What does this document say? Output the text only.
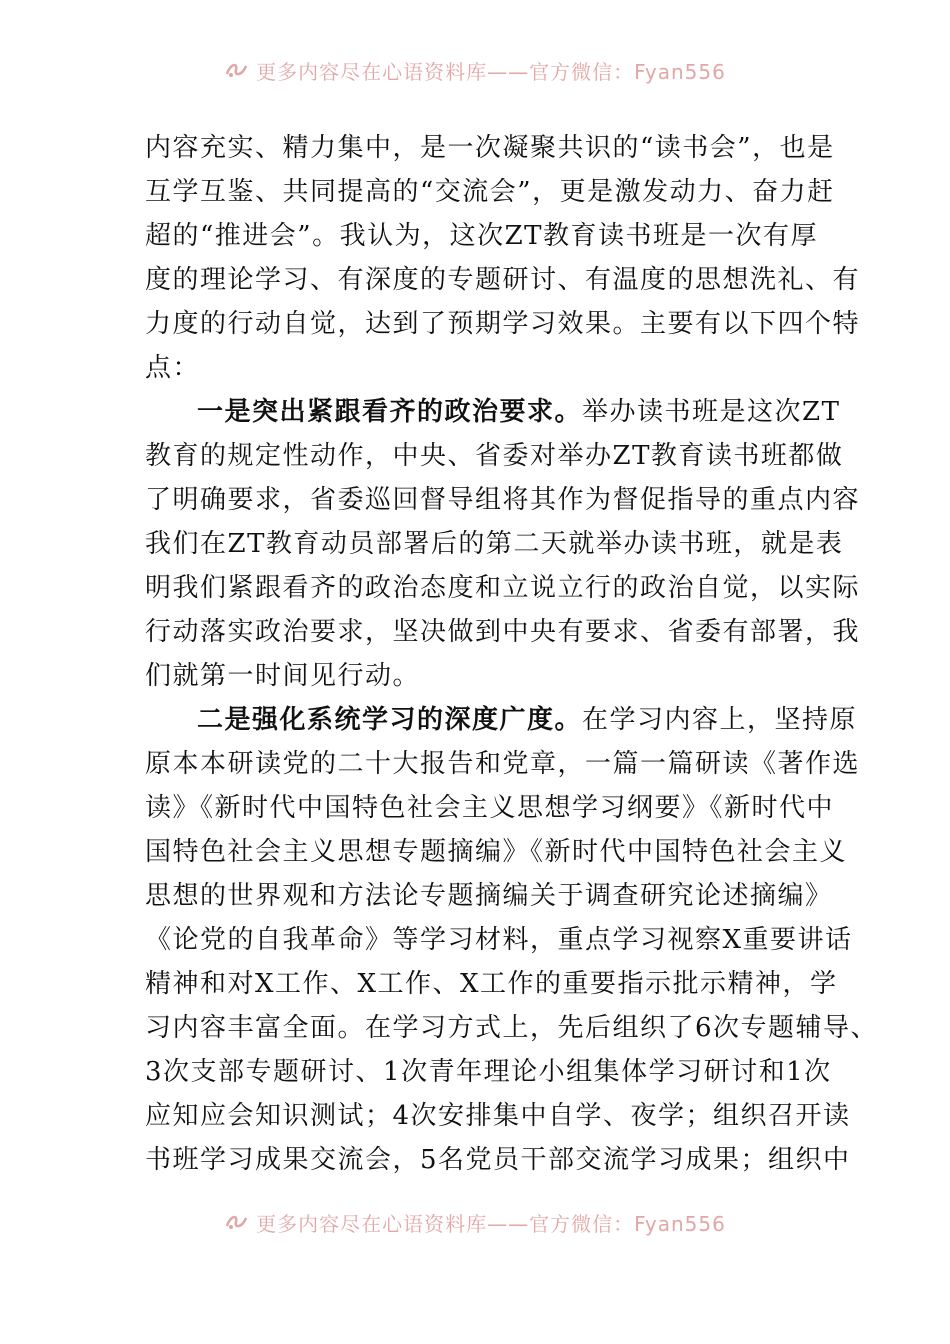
更多内容尽在心语资料库——官方微信：Fyan556
内容充实、精力集中，是一次凝聚共识的“读书会”，也是
互学互鉴、共同提高的“交流会”，更是激发动力、奋力赶
超的“推进会”。我认为，这次ZT教育读书班是一次有厚
度的理论学习、有深度的专题研讨、有温度的思想洗礼、有
力度的行动自觉，达到了预期学习效果。主要有以下四个特
点：
一是突出紧跟看齐的政治要求。举办读书班是这次ZT
教育的规定性动作，中央、省委对举办ZT教育读书班都做
了明确要求，省委巡回督导组将其作为督促指导的重点内容
我们在ZT教育动员部署后的第二天就举办读书班，就是表
明我们紧跟看齐的政治态度和立说立行的政治自觉，以实际
行动落实政治要求，坚决做到中央有要求、省委有部署，我
们就第一时间见行动。
二是强化系统学习的深度广度。在学习内容上，坚持原
原本本研读党的二十大报告和党章，一篇一篇研读《著作选
读》《新时代中国特色社会主义思想学习纲要》《新时代中
国特色社会主义思想专题摘编》《新时代中国特色社会主义
思想的世界观和方法论专题摘编关于调查研究论述摘编》
《论党的自我革命》等学习材料，重点学习视察X重要讲话
精神和对X工作、X工作、X工作的重要指示批示精神，学
习内容丰富全面。在学习方式上，先后组织了6次专题辅导、
3次支部专题研讨、1次青年理论小组集体学习研讨和1次
应知应会知识测试；4次安排集中自学、夜学；组织召开读
书班学习成果交流会，5名党员干部交流学习成果；组织中
更多内容尽在心语资料库——官方微信：Fyan556
